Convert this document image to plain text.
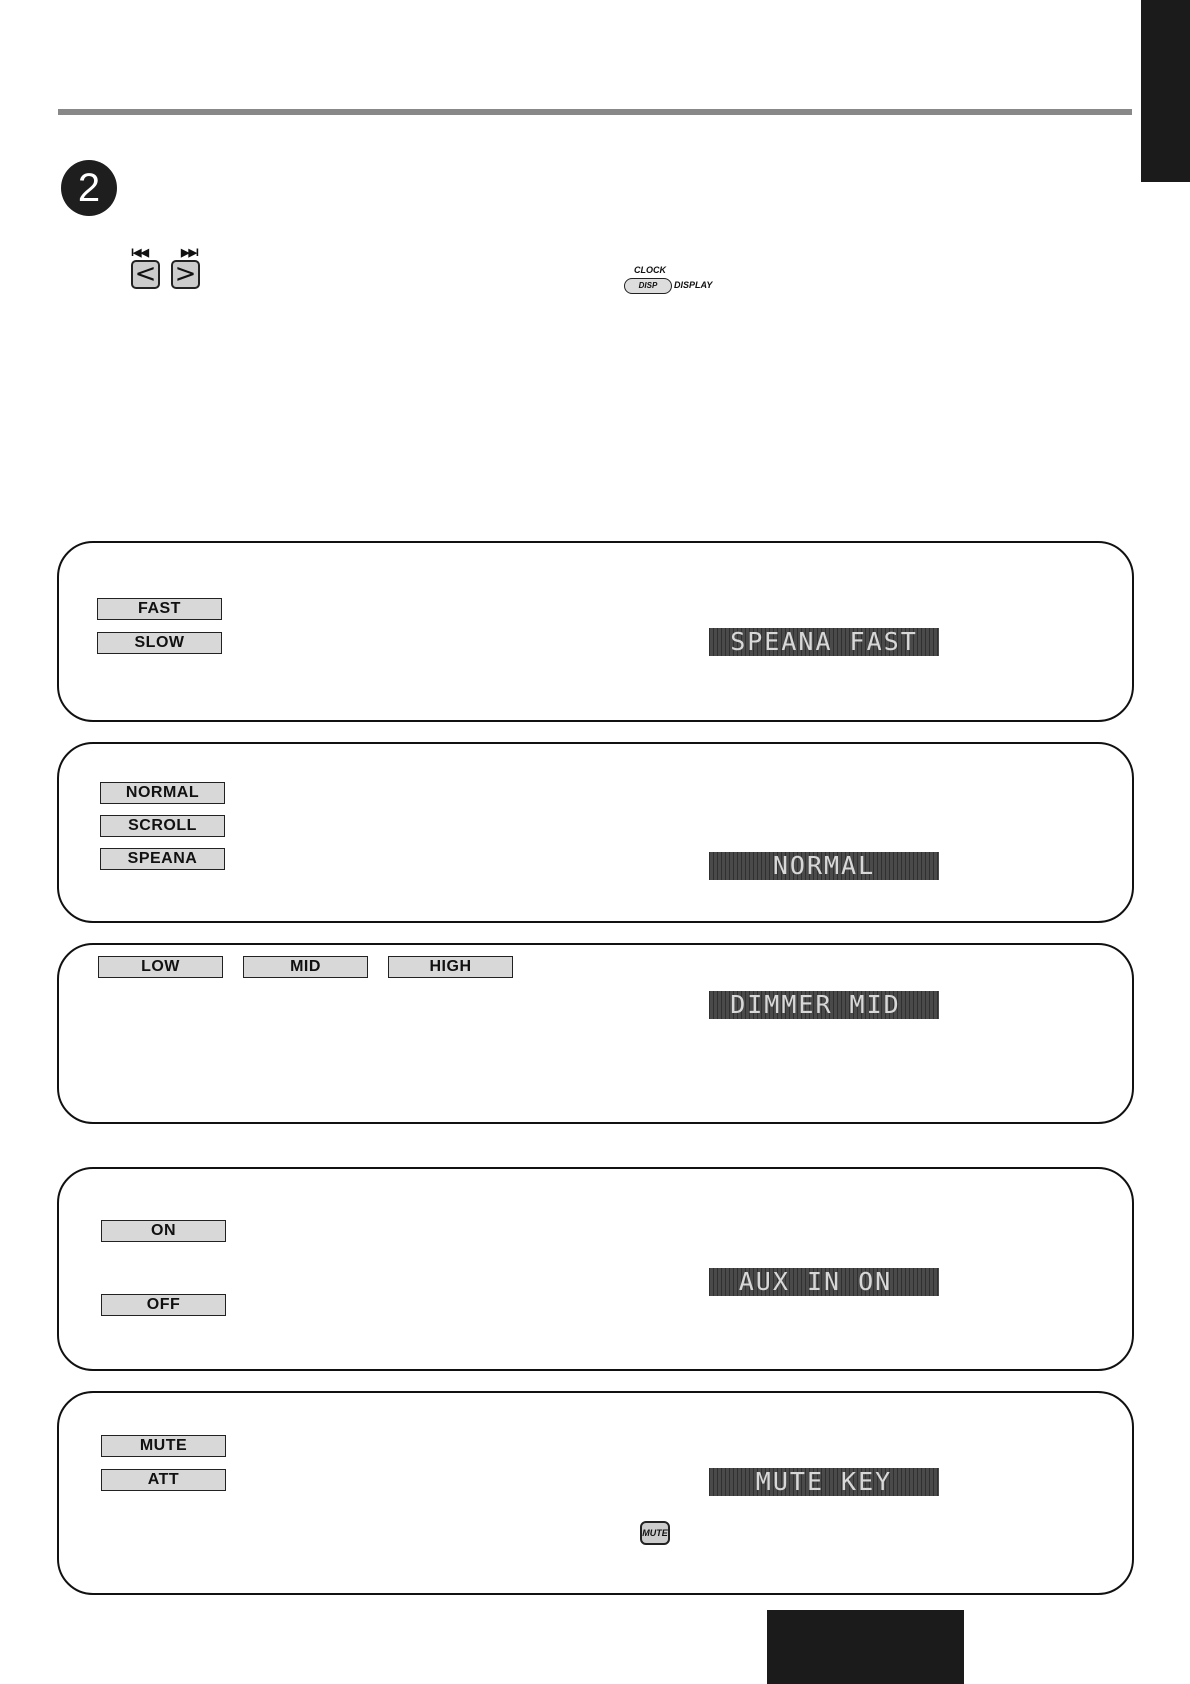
2
I◀◀	▶▶I
< >	CLOCK
DISP	DISPLAY
FAST
SLOW	SPEANA FAST
NORMAL
SCROLL
SPEANA	NORMAL
LOW	MID	HIGH
DIMMER MID
ON
OFF
AUX IN ON
MUTE
ATT	MUTE KEY
MUTE
